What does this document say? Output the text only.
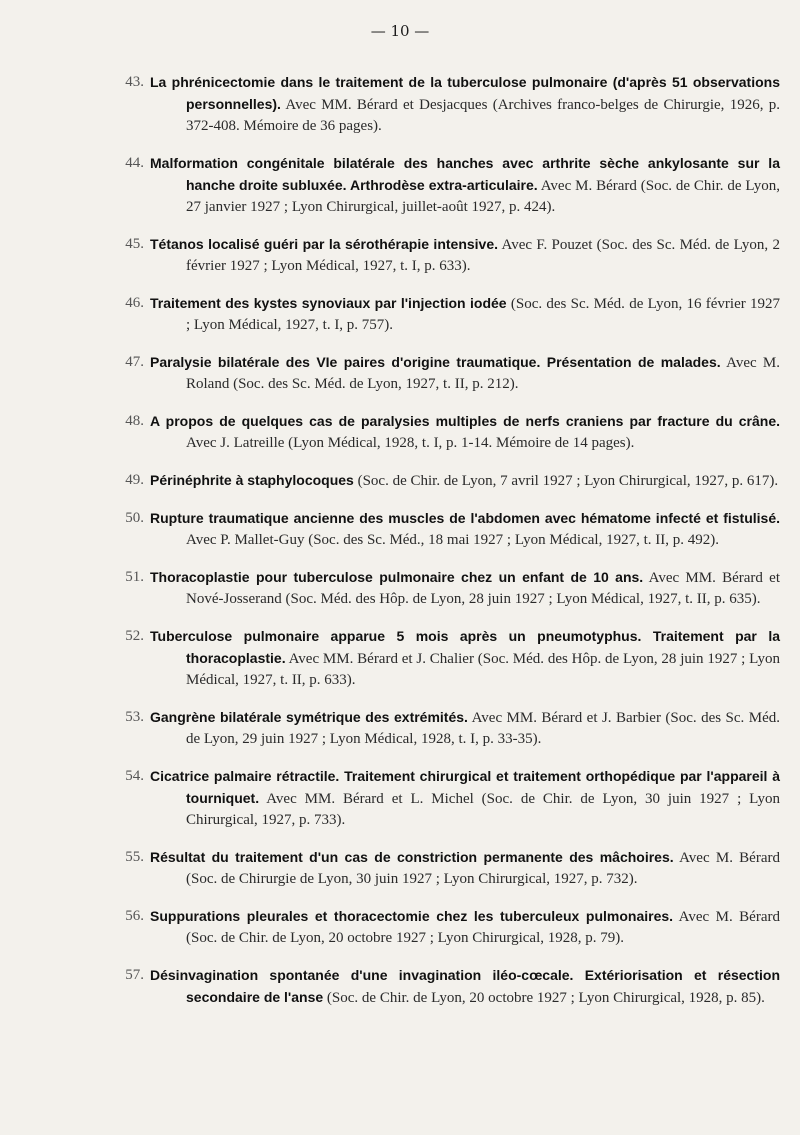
— 10 —
43. La phrénicectomie dans le traitement de la tuberculose pulmonaire (d'après 51 observations personnelles). Avec MM. Bérard et Desjacques (Archives franco-belges de Chirurgie, 1926, p. 372-408. Mémoire de 36 pages).
44. Malformation congénitale bilatérale des hanches avec arthrite sèche ankylosante sur la hanche droite subluxée. Arthrodèse extra-articulaire. Avec M. Bérard (Soc. de Chir. de Lyon, 27 janvier 1927 ; Lyon Chirurgical, juillet-août 1927, p. 424).
45. Tétanos localisé guéri par la sérothérapie intensive. Avec F. Pouzet (Soc. des Sc. Méd. de Lyon, 2 février 1927 ; Lyon Médical, 1927, t. I, p. 633).
46. Traitement des kystes synoviaux par l'injection iodée (Soc. des Sc. Méd. de Lyon, 16 février 1927 ; Lyon Médical, 1927, t. I, p. 757).
47. Paralysie bilatérale des VIe paires d'origine traumatique. Présentation de malades. Avec M. Roland (Soc. des Sc. Méd. de Lyon, 1927, t. II, p. 212).
48. A propos de quelques cas de paralysies multiples de nerfs craniens par fracture du crâne. Avec J. Latreille (Lyon Médical, 1928, t. I, p. 1-14. Mémoire de 14 pages).
49. Périnéphrite à staphylocoques (Soc. de Chir. de Lyon, 7 avril 1927 ; Lyon Chirurgical, 1927, p. 617).
50. Rupture traumatique ancienne des muscles de l'abdomen avec hématome infecté et fistulisé. Avec P. Mallet-Guy (Soc. des Sc. Méd., 18 mai 1927 ; Lyon Médical, 1927, t. II, p. 492).
51. Thoracoplastie pour tuberculose pulmonaire chez un enfant de 10 ans. Avec MM. Bérard et Nové-Josserand (Soc. Méd. des Hôp. de Lyon, 28 juin 1927 ; Lyon Médical, 1927, t. II, p. 635).
52. Tuberculose pulmonaire apparue 5 mois après un pneumotyphus. Traitement par la thoracoplastie. Avec MM. Bérard et J. Chalier (Soc. Méd. des Hôp. de Lyon, 28 juin 1927 ; Lyon Médical, 1927, t. II, p. 633).
53. Gangrène bilatérale symétrique des extrémités. Avec MM. Bérard et J. Barbier (Soc. des Sc. Méd. de Lyon, 29 juin 1927 ; Lyon Médical, 1928, t. I, p. 33-35).
54. Cicatrice palmaire rétractile. Traitement chirurgical et traitement orthopédique par l'appareil à tourniquet. Avec MM. Bérard et L. Michel (Soc. de Chir. de Lyon, 30 juin 1927 ; Lyon Chirurgical, 1927, p. 733).
55. Résultat du traitement d'un cas de constriction permanente des mâchoires. Avec M. Bérard (Soc. de Chirurgie de Lyon, 30 juin 1927 ; Lyon Chirurgical, 1927, p. 732).
56. Suppurations pleurales et thoracectomie chez les tuberculeux pulmonaires. Avec M. Bérard (Soc. de Chir. de Lyon, 20 octobre 1927 ; Lyon Chirurgical, 1928, p. 79).
57. Désinvagination spontanée d'une invagination iléo-cœcale. Extériorisation et résection secondaire de l'anse (Soc. de Chir. de Lyon, 20 octobre 1927 ; Lyon Chirurgical, 1928, p. 85).
